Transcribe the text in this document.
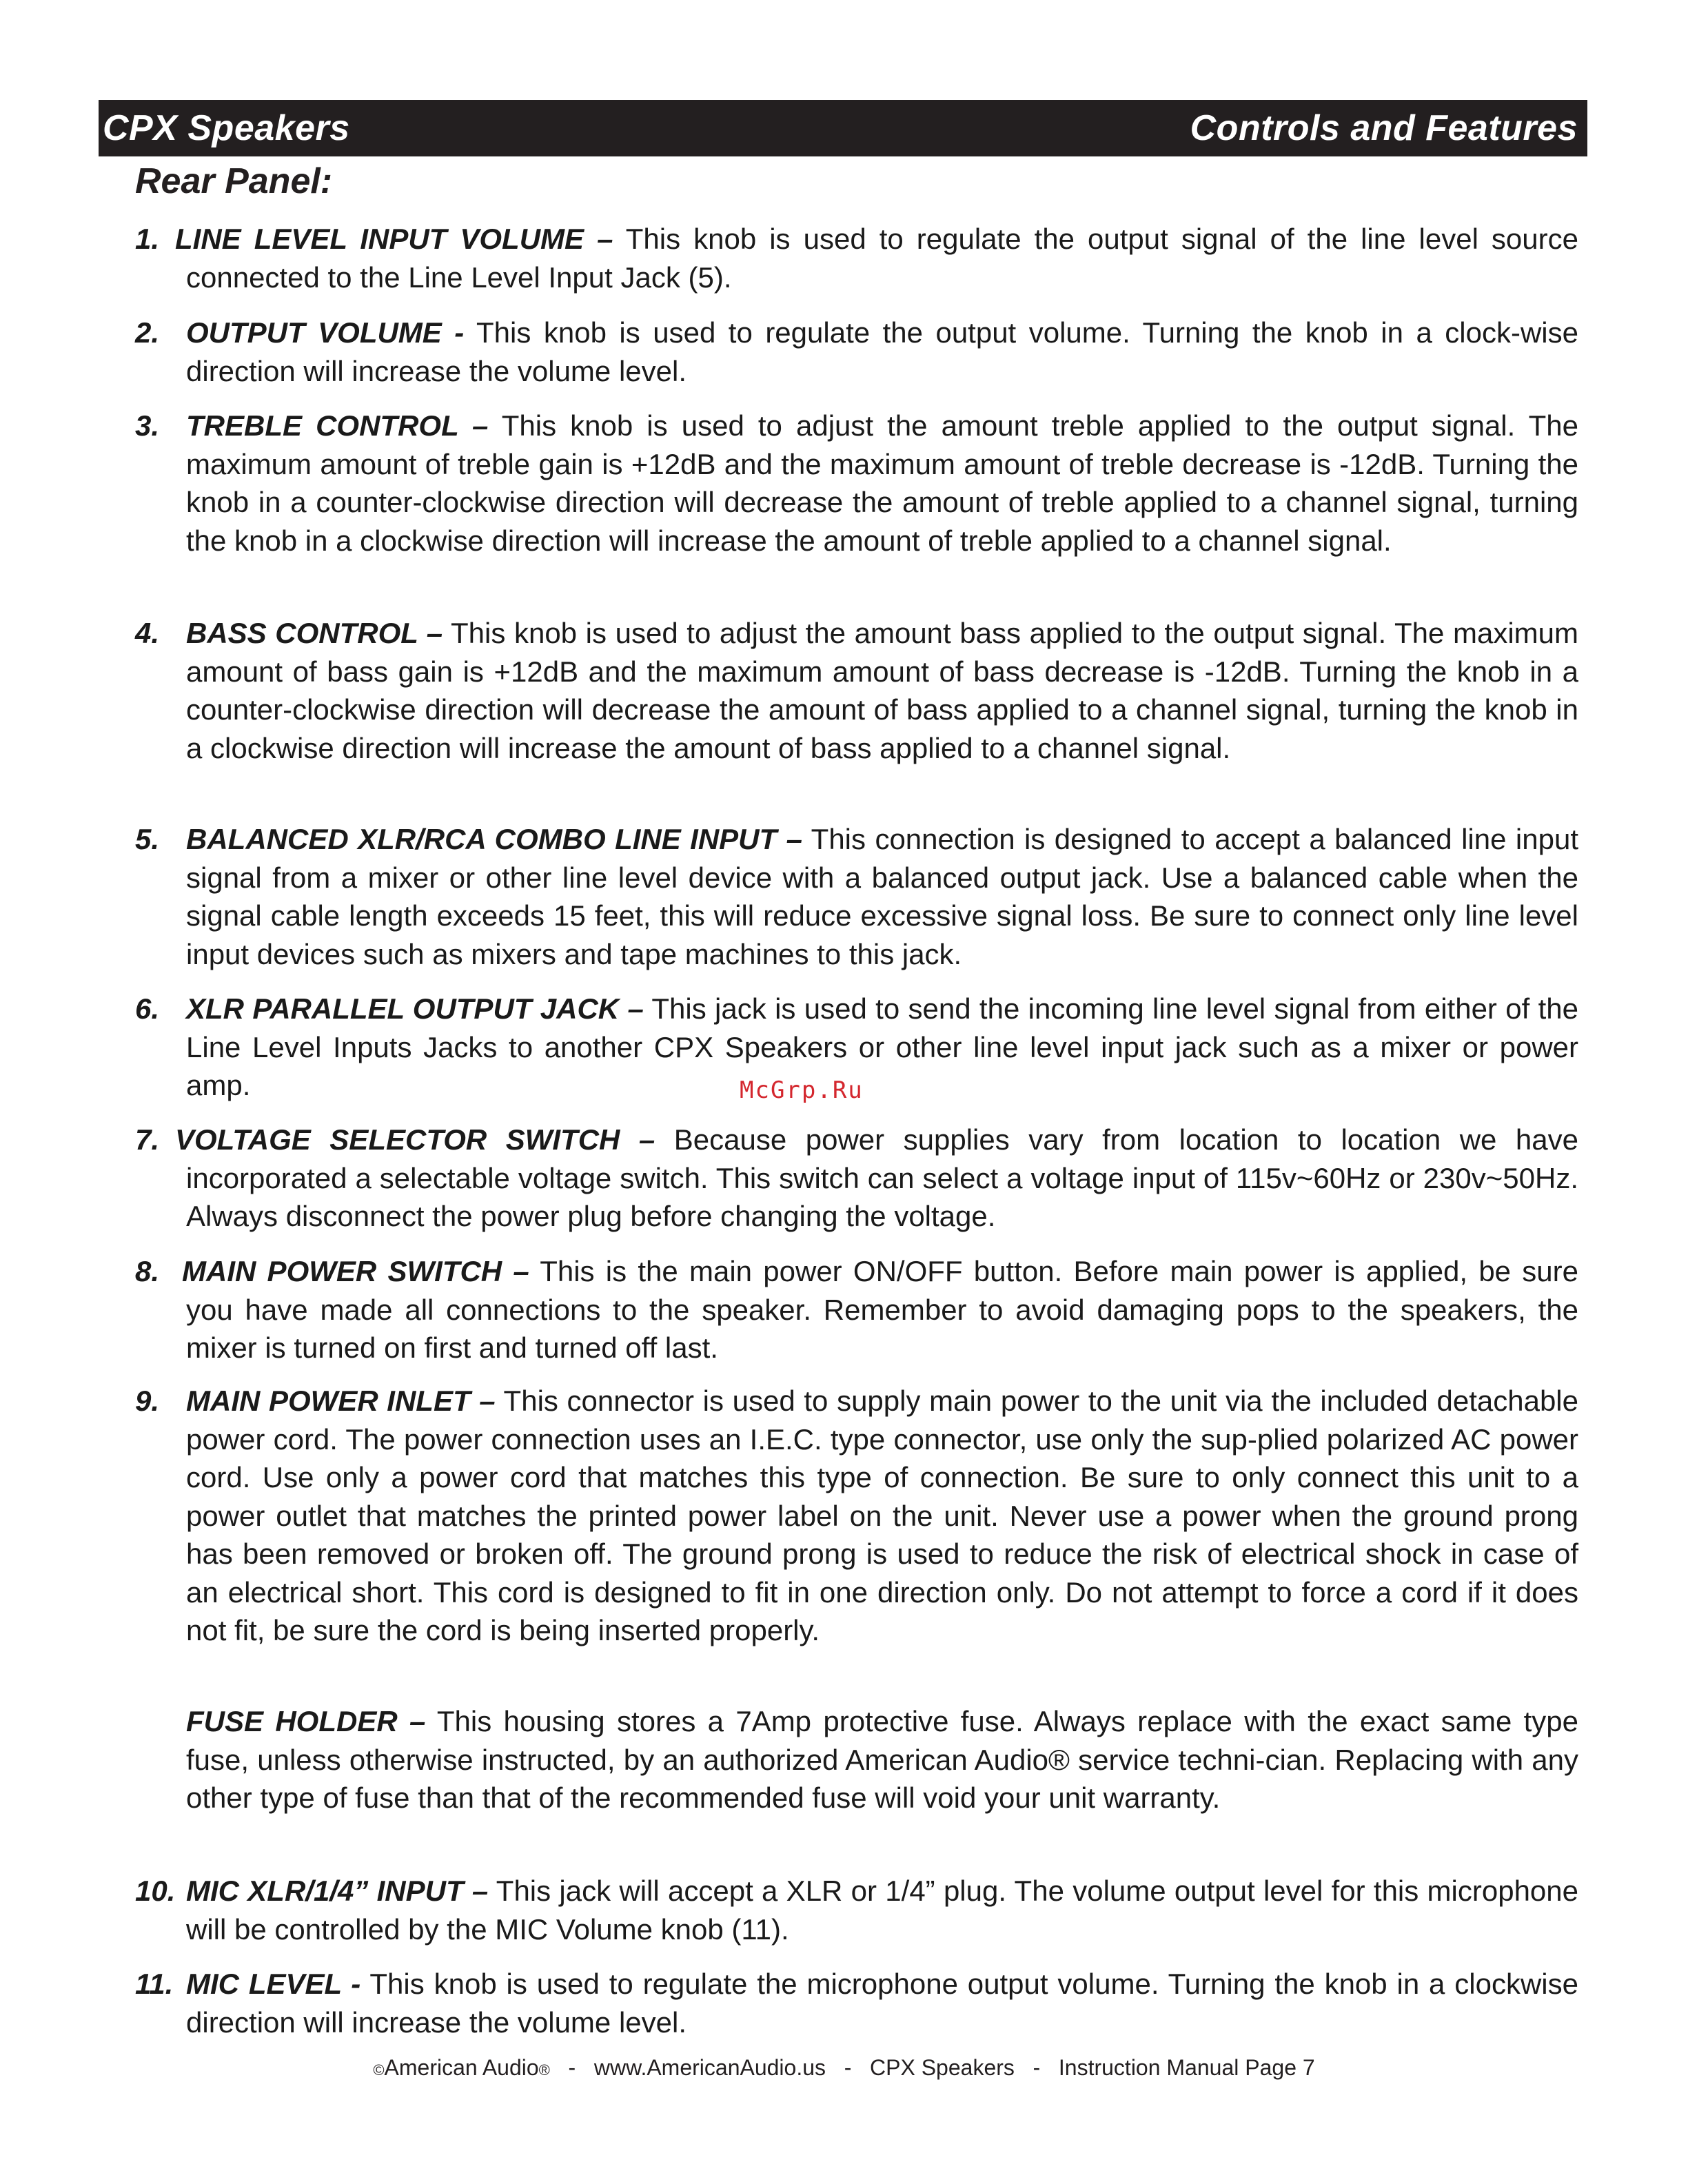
CPX Speakers	Controls and Features
Rear Panel:
1. LINE LEVEL INPUT VOLUME – This knob is used to regulate the output signal of the line level source connected to the Line Level Input Jack (5).
2. OUTPUT VOLUME - This knob is used to regulate the output volume. Turning the knob in a clock-wise direction will increase the volume level.
3. TREBLE CONTROL – This knob is used to adjust the amount treble applied to the output signal. The maximum amount of treble gain is +12dB and the maximum amount of treble decrease is -12dB. Turning the knob in a counter-clockwise direction will decrease the amount of treble applied to a channel signal, turning the knob in a clockwise direction will increase the amount of treble applied to a channel signal.
4. BASS CONTROL – This knob is used to adjust the amount bass applied to the output signal. The maximum amount of bass gain is +12dB and the maximum amount of bass decrease is -12dB. Turning the knob in a counter-clockwise direction will decrease the amount of bass applied to a channel signal, turning the knob in a clockwise direction will increase the amount of bass applied to a channel signal.
5. BALANCED XLR/RCA COMBO LINE INPUT – This connection is designed to accept a balanced line input signal from a mixer or other line level device with a balanced output jack. Use a balanced cable when the signal cable length exceeds 15 feet, this will reduce excessive signal loss. Be sure to connect only line level input devices such as mixers and tape machines to this jack.
6. XLR PARALLEL OUTPUT JACK – This jack is used to send the incoming line level signal from either of the Line Level Inputs Jacks to another CPX Speakers or other line level input jack such as a mixer or power amp.	McGrp.Ru
7. VOLTAGE SELECTOR SWITCH – Because power supplies vary from location to location we have incorporated a selectable voltage switch. This switch can select a voltage input of 115v~60Hz or 230v~50Hz. Always disconnect the power plug before changing the voltage.
8. MAIN POWER SWITCH – This is the main power ON/OFF button. Before main power is applied, be sure you have made all connections to the speaker. Remember to avoid damaging pops to the speakers, the mixer is turned on first and turned off last.
9. MAIN POWER INLET – This connector is used to supply main power to the unit via the included detachable power cord. The power connection uses an I.E.C. type connector, use only the sup-plied polarized AC power cord. Use only a power cord that matches this type of connection. Be sure to only connect this unit to a power outlet that matches the printed power label on the unit. Never use a power when the ground prong has been removed or broken off. The ground prong is used to reduce the risk of electrical shock in case of an electrical short. This cord is designed to fit in one direction only. Do not attempt to force a cord if it does not fit, be sure the cord is being inserted properly.
FUSE HOLDER – This housing stores a 7Amp protective fuse. Always replace with the exact same type fuse, unless otherwise instructed, by an authorized American Audio® service techni-cian. Replacing with any other type of fuse than that of the recommended fuse will void your unit warranty.
10. MIC XLR/1/4” INPUT – This jack will accept a XLR or 1/4” plug. The volume output level for this microphone will be controlled by the MIC Volume knob (11).
11. MIC LEVEL - This knob is used to regulate the microphone output volume. Turning the knob in a clockwise direction will increase the volume level.
©American Audio®   -   www.AmericanAudio.us   -   CPX Speakers   -   Instruction Manual Page 7
